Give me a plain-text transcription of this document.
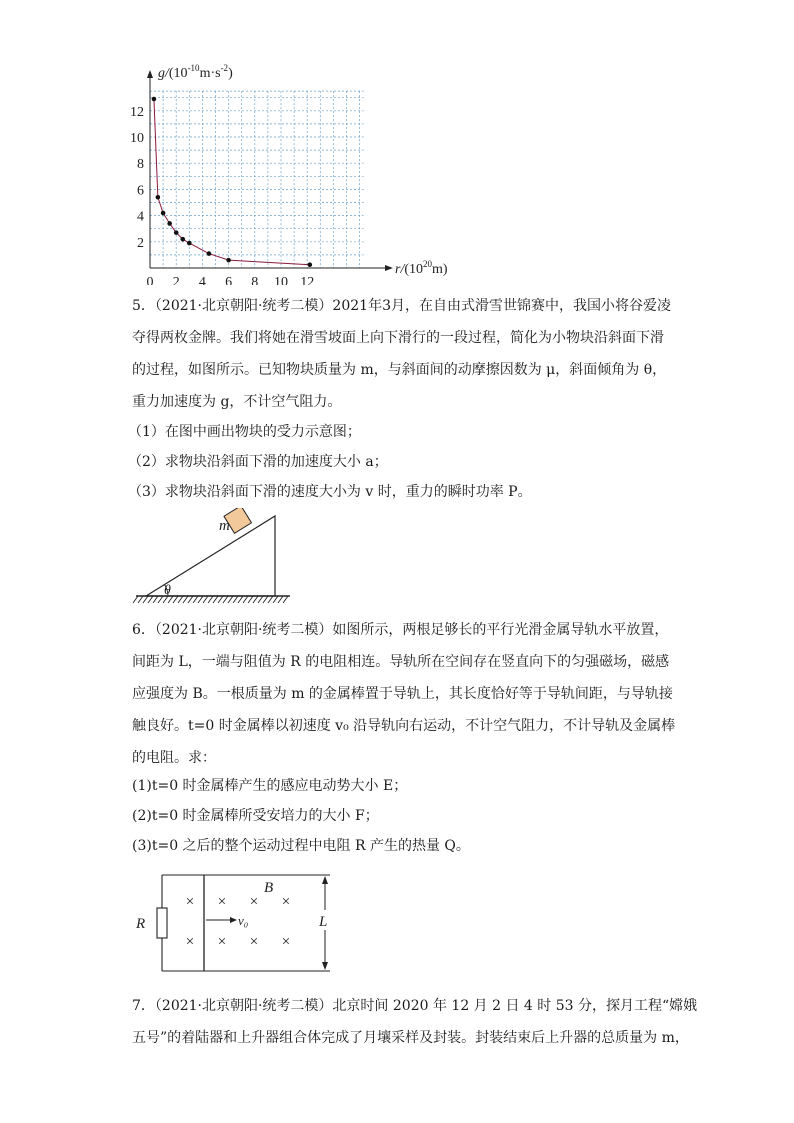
12
10
8
6
4
2
0 2 4 6 8 10 12
$g/(10^{-10}m\cdot s^{-2})$
$r/(10^{20}m)$
5．（2021·北京朝阳·统考二模）2021年3月，在自由式滑雪世锦赛中，我国小将谷爱凌
夺得两枚金牌。我们将她在滑雪坡面上向下滑行的一段过程，简化为小物块沿斜面下滑
的过程，如图所示。已知物块质量为 m，与斜面间的动摩擦因数为 μ，斜面倾角为 θ，
重力加速度为 g，不计空气阻力。
（1）在图中画出物块的受力示意图；
（2）求物块沿斜面下滑的加速度大小 a；
（3）求物块沿斜面下滑的速度大小为 v 时，重力的瞬时功率 P。
θ
m
6．（2021·北京朝阳·统考二模）如图所示，两根足够长的平行光滑金属导轨水平放置，
间距为 L，一端与阻值为 R 的电阻相连。导轨所在空间存在竖直向下的匀强磁场，磁感
应强度为 B。一根质量为 m 的金属棒置于导轨上，其长度恰好等于导轨间距，与导轨接
触良好。t=0 时金属棒以初速度 v₀ 沿导轨向右运动，不计空气阻力，不计导轨及金属棒
的电阻。求：
(1)t=0 时金属棒产生的感应电动势大小 E；
(2)t=0 时金属棒所受安培力的大小 F；
(3)t=0 之后的整个运动过程中电阻 R 产生的热量 Q。
v₀
× × × ×
× × × ×
B
R	L
7．（2021·北京朝阳·统考二模）北京时间 2020 年 12 月 2 日 4 时 53 分，探月工程“嫦娥
五号”的着陆器和上升器组合体完成了月壤采样及封装。封装结束后上升器的总质量为 m，
